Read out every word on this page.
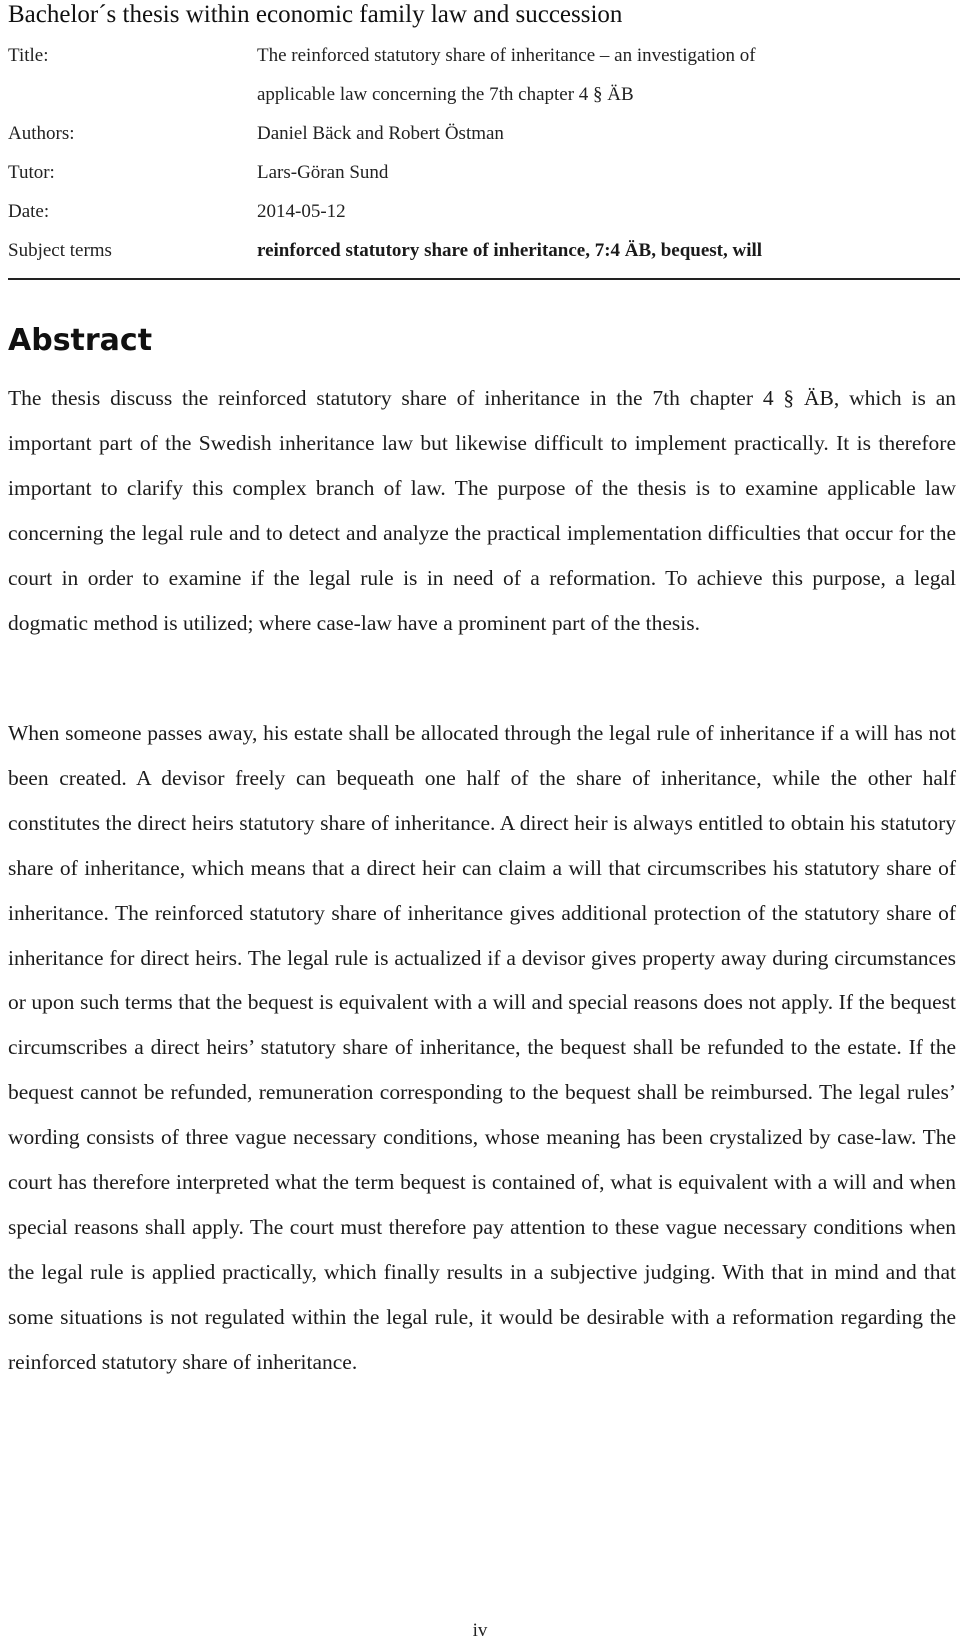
Bachelor´s thesis within economic family law and succession
Title:	The reinforced statutory share of inheritance – an investigation of
applicable law concerning the 7th chapter 4 § ÄB
Authors:	Daniel Bäck and Robert Östman
Tutor:	Lars-Göran Sund
Date:	2014-05-12
Subject terms	reinforced statutory share of inheritance, 7:4 ÄB, bequest, will
Abstract

The thesis discuss the reinforced statutory share of inheritance in the 7th chapter 4 § ÄB, which is an important part of the Swedish inheritance law but likewise difficult to implement practically. It is therefore important to clarify this complex branch of law. The purpose of the thesis is to examine applicable law concerning the legal rule and to detect and analyze the practical implementation difficulties that occur for the court in order to examine if the legal rule is in need of a reformation. To achieve this purpose, a legal dogmatic method is utilized; where case-law have a prominent part of the thesis.

When someone passes away, his estate shall be allocated through the legal rule of inheritance if a will has not been created. A devisor freely can bequeath one half of the share of inheritance, while the other half constitutes the direct heirs statutory share of inheritance. A direct heir is always entitled to obtain his statutory share of inheritance, which means that a direct heir can claim a will that circumscribes his statutory share of inheritance. The reinforced statutory share of inheritance gives additional protection of the statutory share of inheritance for direct heirs. The legal rule is actualized if a devisor gives property away during circumstances or upon such terms that the bequest is equivalent with a will and special reasons does not apply. If the bequest circumscribes a direct heirs’ statutory share of inheritance, the bequest shall be refunded to the estate. If the bequest cannot be refunded, remuneration corresponding to the bequest shall be reimbursed. The legal rules’ wording consists of three vague necessary conditions, whose meaning has been crystalized by case-law. The court has therefore interpreted what the term bequest is contained of, what is equivalent with a will and when special reasons shall apply. The court must therefore pay attention to these vague necessary conditions when the legal rule is applied practically, which finally results in a subjective judging. With that in mind and that some situations is not regulated within the legal rule, it would be desirable with a reformation regarding the reinforced statutory share of inheritance.

iv
